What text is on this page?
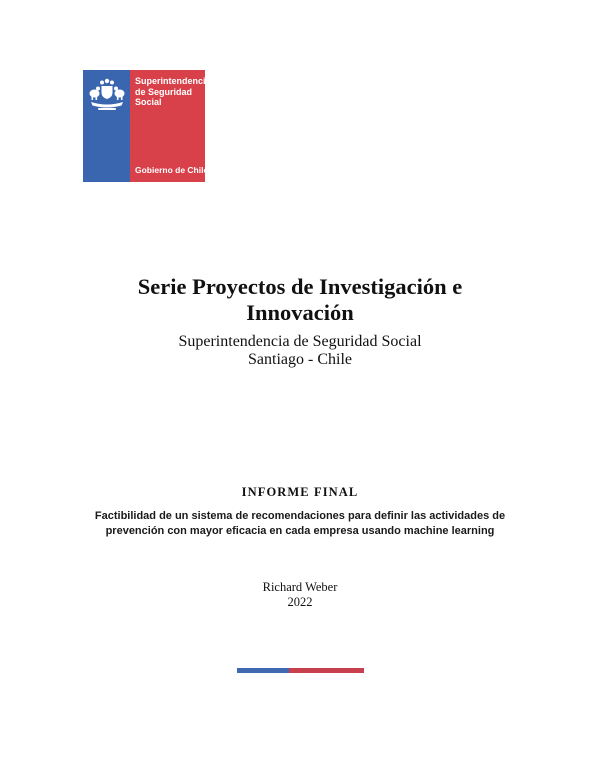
Superintendencia de Seguridad Social
Gobierno de Chile
Serie Proyectos de Investigación e
Innovación
Superintendencia de Seguridad Social
Santiago - Chile
INFORME FINAL
Factibilidad de un sistema de recomendaciones para definir las actividades de prevención con mayor eficacia en cada empresa usando machine learning
Richard Weber
2022
